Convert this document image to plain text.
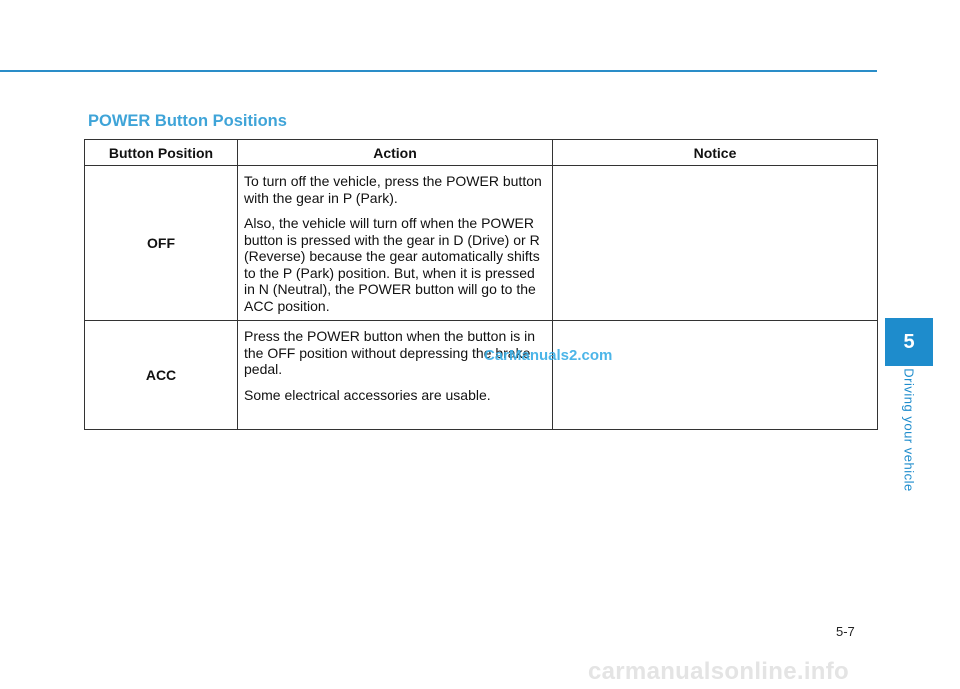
POWER Button Positions
Button Position	Action	Notice
OFF	To turn off the vehicle, press the POWER button with the gear in P (Park).

Also, the vehicle will turn off when the POWER button is pressed with the gear in D (Drive) or R (Reverse) because the gear automatically shifts to the P (Park) position. But, when it is pressed in N (Neutral), the POWER button will go to the ACC position.	

ACC	Press the POWER button when the button is in the OFF position without depressing the brake pedal.

Some electrical accessories are usable.	

5
Driving your vehicle
CarManuals2.com
5-7
carmanualsonline.info
